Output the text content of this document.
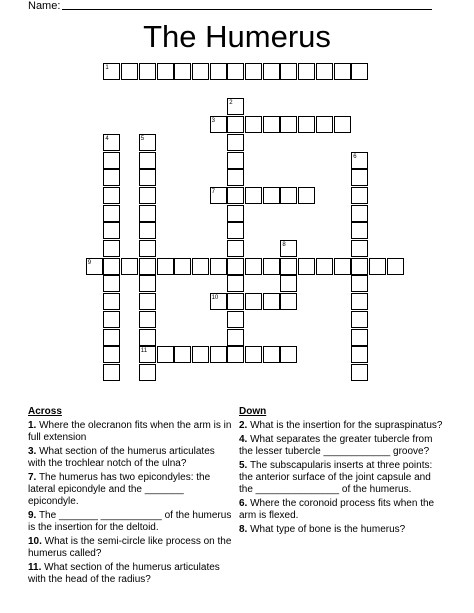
Name:
The Humerus
1
2
3
4	5
11
6
7
8
9
10
Across
1. Where the olecranon fits when the arm is in full extension
3. What section of the humerus articulates with the trochlear notch of the ulna?
7. The humerus has two epicondyles: the lateral epicondyle and the _______ epicondyle.
9. The _______ ___________ of the humerus is the insertion for the deltoid.
10. What is the semi-circle like process on the humerus called?
11. What section of the humerus articulates with the head of the radius?
Down
2. What is the insertion for the supraspinatus?
4. What separates the greater tubercle from the lesser tubercle ____________ groove?
5. The subscapularis inserts at three points: the anterior surface of the joint capsule and the _______________ of the humerus.
6. Where the coronoid process fits when the arm is flexed.
8. What type of bone is the humerus?
